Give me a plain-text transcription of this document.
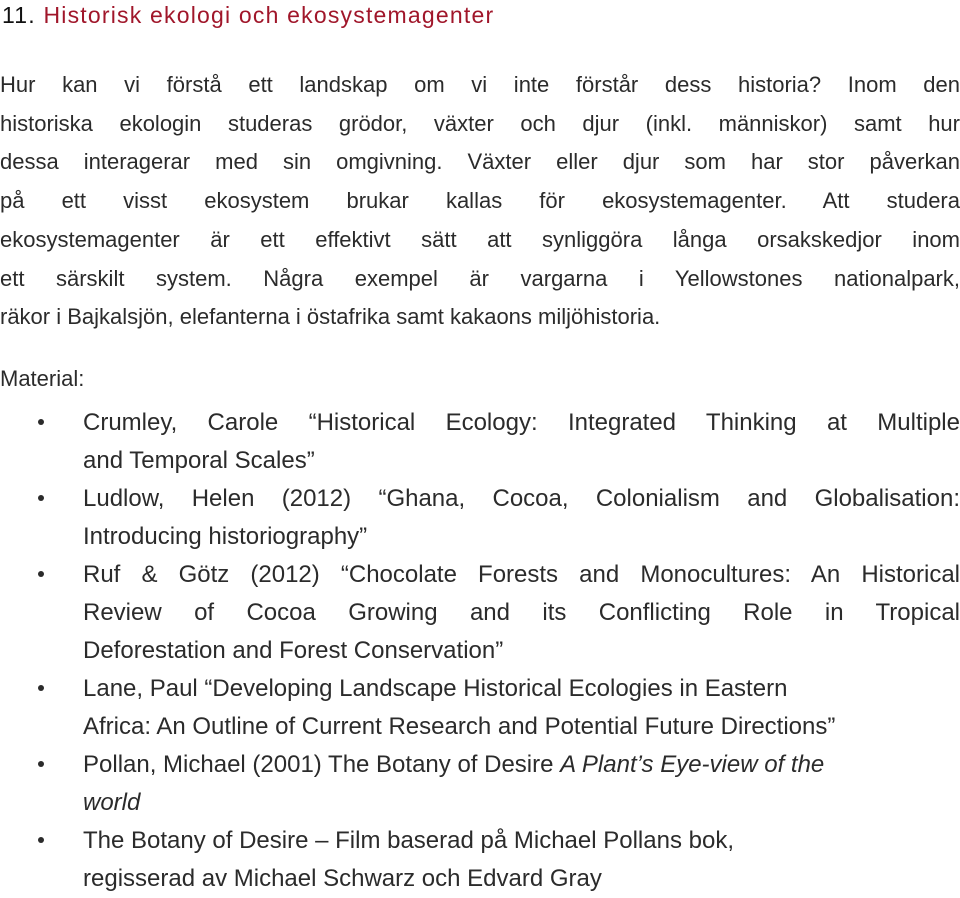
11. Historisk ekologi och ekosystemagenter
Hur kan vi förstå ett landskap om vi inte förstår dess historia? Inom den
historiska ekologin studeras grödor, växter och djur (inkl. människor) samt hur
dessa interagerar med sin omgivning. Växter eller djur som har stor påverkan
på ett visst ekosystem brukar kallas för ekosystemagenter. Att studera
ekosystemagenter är ett effektivt sätt att synliggöra långa orsakskedjor inom
ett särskilt system. Några exempel är vargarna i Yellowstones nationalpark,
räkor i Bajkalsjön, elefanterna i östafrika samt kakaons miljöhistoria.
Material:
Crumley, Carole “Historical Ecology: Integrated Thinking at Multiple
and Temporal Scales”
Ludlow, Helen (2012) “Ghana, Cocoa, Colonialism and Globalisation:
Introducing historiography”
Ruf & Götz (2012) “Chocolate Forests and Monocultures: An Historical
Review of Cocoa Growing and its Conflicting Role in Tropical
Deforestation and Forest Conservation”
Lane, Paul “Developing Landscape Historical Ecologies in Eastern
Africa: An Outline of Current Research and Potential Future Directions”
Pollan, Michael (2001) The Botany of Desire A Plant’s Eye-view of the
world
The Botany of Desire – Film baserad på Michael Pollans bok,
regisserad av Michael Schwarz och Edvard Gray
